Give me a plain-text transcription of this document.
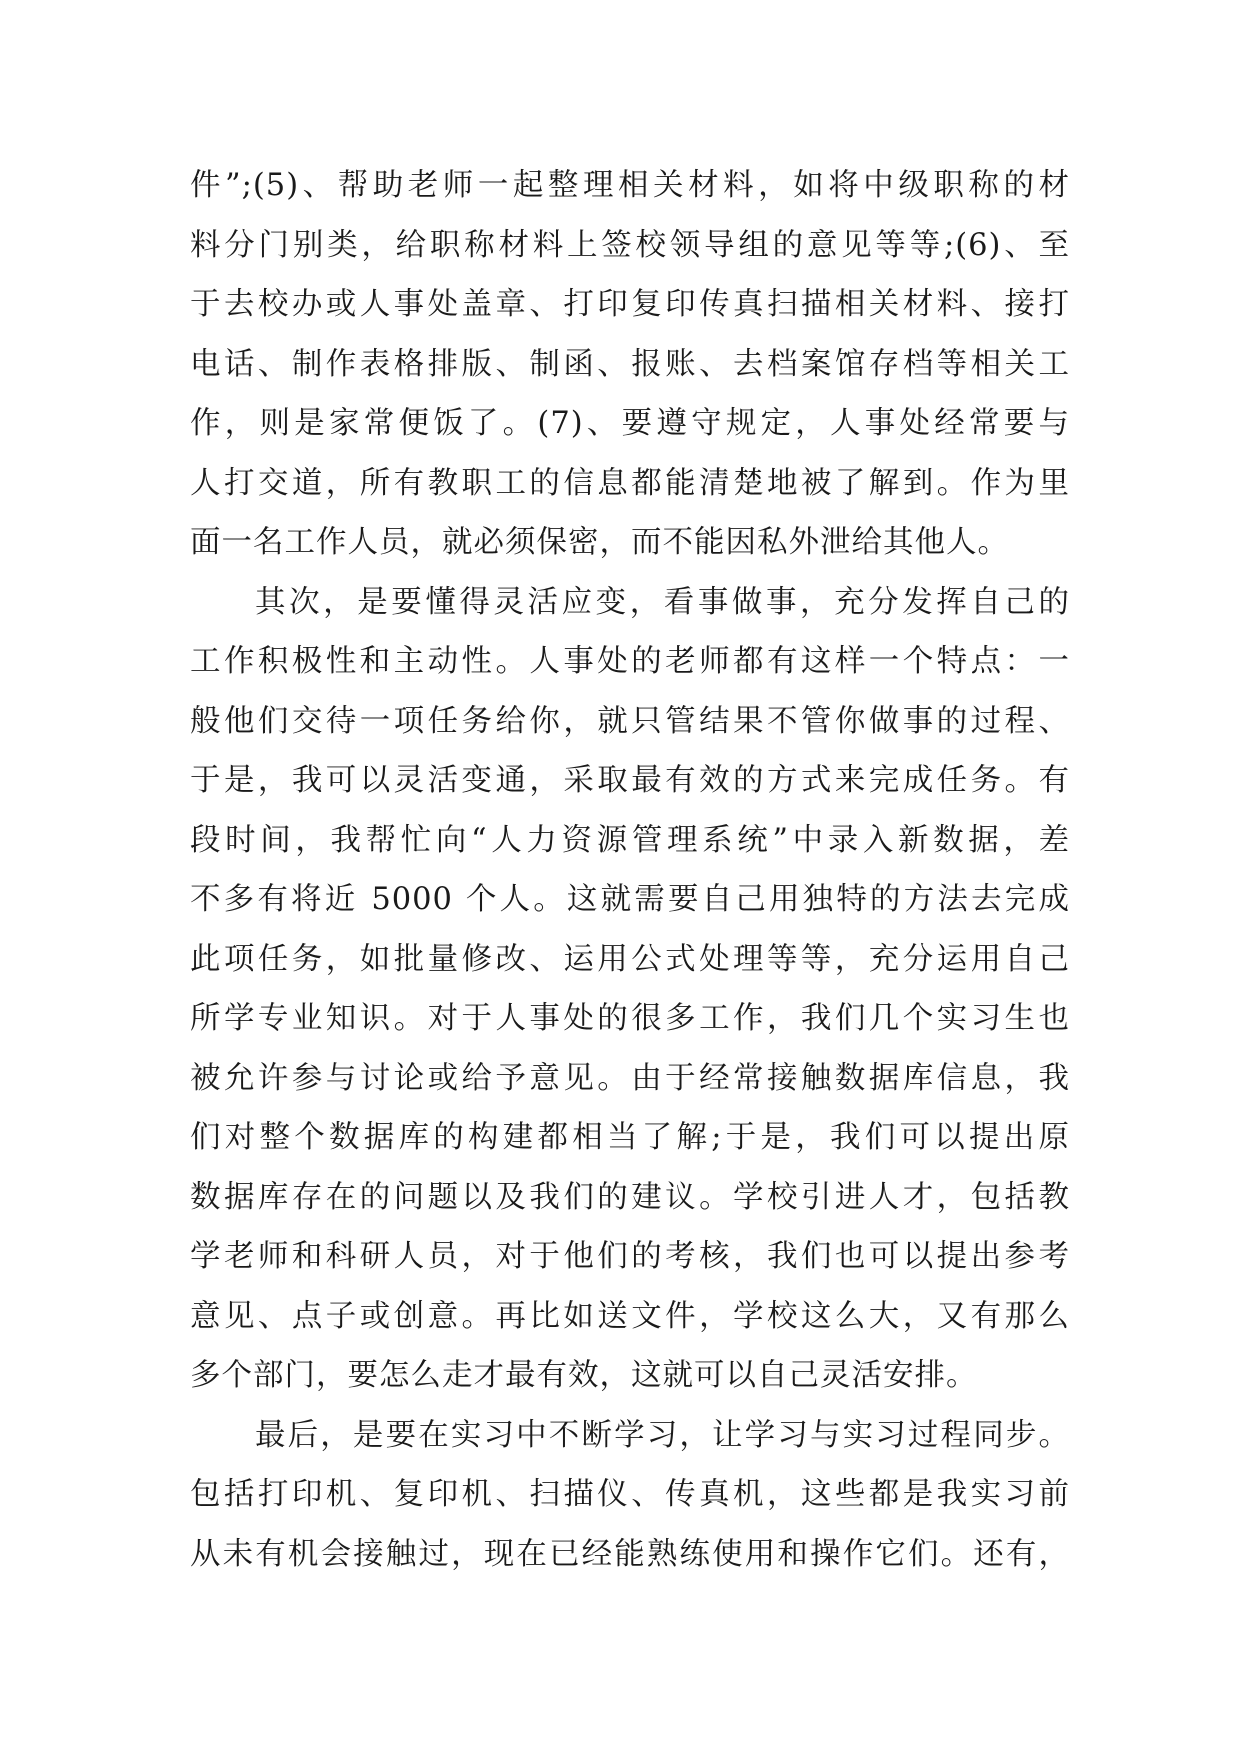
件”;(5)、帮助老师一起整理相关材料，如将中级职称的材
料分门别类，给职称材料上签校领导组的意见等等;(6)、至
于去校办或人事处盖章、打印复印传真扫描相关材料、接打
电话、制作表格排版、制函、报账、去档案馆存档等相关工
作，则是家常便饭了。(7)、要遵守规定，人事处经常要与
人打交道，所有教职工的信息都能清楚地被了解到。作为里
面一名工作人员，就必须保密，而不能因私外泄给其他人。
其次，是要懂得灵活应变，看事做事，充分发挥自己的
工作积极性和主动性。人事处的老师都有这样一个特点：一
般他们交待一项任务给你，就只管结果不管你做事的过程、
于是，我可以灵活变通，采取最有效的方式来完成任务。有
段时间，我帮忙向“人力资源管理系统”中录入新数据，差
不多有将近 5000 个人。这就需要自己用独特的方法去完成
此项任务，如批量修改、运用公式处理等等，充分运用自己
所学专业知识。对于人事处的很多工作，我们几个实习生也
被允许参与讨论或给予意见。由于经常接触数据库信息，我
们对整个数据库的构建都相当了解;于是，我们可以提出原
数据库存在的问题以及我们的建议。学校引进人才，包括教
学老师和科研人员，对于他们的考核，我们也可以提出参考
意见、点子或创意。再比如送文件，学校这么大，又有那么
多个部门，要怎么走才最有效，这就可以自己灵活安排。
最后，是要在实习中不断学习，让学习与实习过程同步。
包括打印机、复印机、扫描仪、传真机，这些都是我实习前
从未有机会接触过，现在已经能熟练使用和操作它们。还有，
